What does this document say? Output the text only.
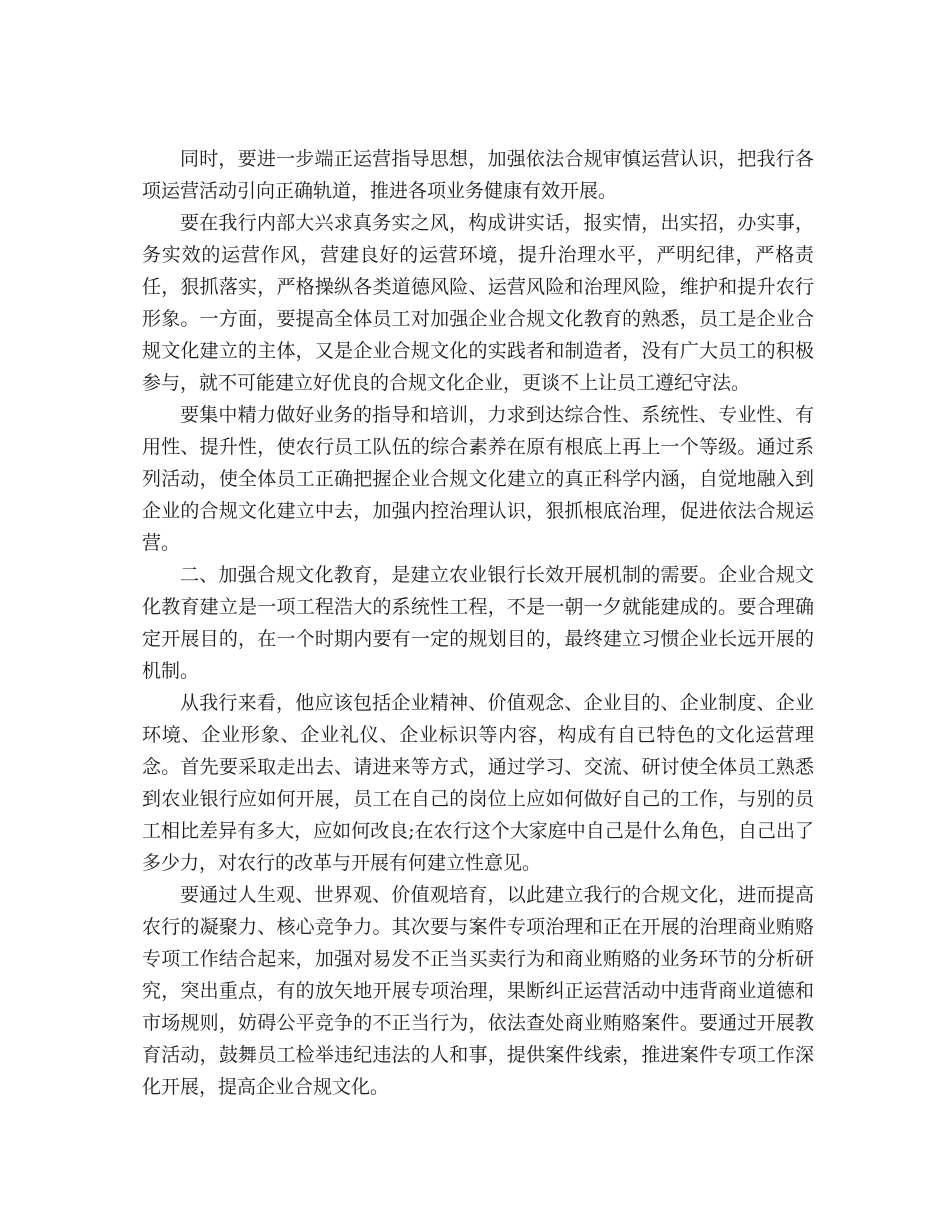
同时，要进一步端正运营指导思想，加强依法合规审慎运营认识，把我行各项运营活动引向正确轨道，推进各项业务健康有效开展。

要在我行内部大兴求真务实之风，构成讲实话，报实情，出实招，办实事，务实效的运营作风，营建良好的运营环境，提升治理水平，严明纪律，严格责任，狠抓落实，严格操纵各类道德风险、运营风险和治理风险，维护和提升农行形象。一方面，要提高全体员工对加强企业合规文化教育的熟悉，员工是企业合规文化建立的主体，又是企业合规文化的实践者和制造者，没有广大员工的积极参与，就不可能建立好优良的合规文化企业，更谈不上让员工遵纪守法。

要集中精力做好业务的指导和培训，力求到达综合性、系统性、专业性、有用性、提升性，使农行员工队伍的综合素养在原有根底上再上一个等级。通过系列活动，使全体员工正确把握企业合规文化建立的真正科学内涵，自觉地融入到企业的合规文化建立中去，加强内控治理认识，狠抓根底治理，促进依法合规运营。

二、加强合规文化教育，是建立农业银行长效开展机制的需要。企业合规文化教育建立是一项工程浩大的系统性工程，不是一朝一夕就能建成的。要合理确定开展目的，在一个时期内要有一定的规划目的，最终建立习惯企业长远开展的机制。

从我行来看，他应该包括企业精神、价值观念、企业目的、企业制度、企业环境、企业形象、企业礼仪、企业标识等内容，构成有自已特色的文化运营理念。首先要采取走出去、请进来等方式，通过学习、交流、研讨使全体员工熟悉到农业银行应如何开展，员工在自己的岗位上应如何做好自己的工作，与别的员工相比差异有多大，应如何改良;在农行这个大家庭中自己是什么角色，自己出了多少力，对农行的改革与开展有何建立性意见。

要通过人生观、世界观、价值观培育，以此建立我行的合规文化，进而提高农行的凝聚力、核心竞争力。其次要与案件专项治理和正在开展的治理商业贿赂专项工作结合起来，加强对易发不正当买卖行为和商业贿赂的业务环节的分析研究，突出重点，有的放矢地开展专项治理，果断纠正运营活动中违背商业道德和市场规则，妨碍公平竞争的不正当行为，依法查处商业贿赂案件。要通过开展教育活动，鼓舞员工检举违纪违法的人和事，提供案件线索，推进案件专项工作深化开展，提高企业合规文化。
